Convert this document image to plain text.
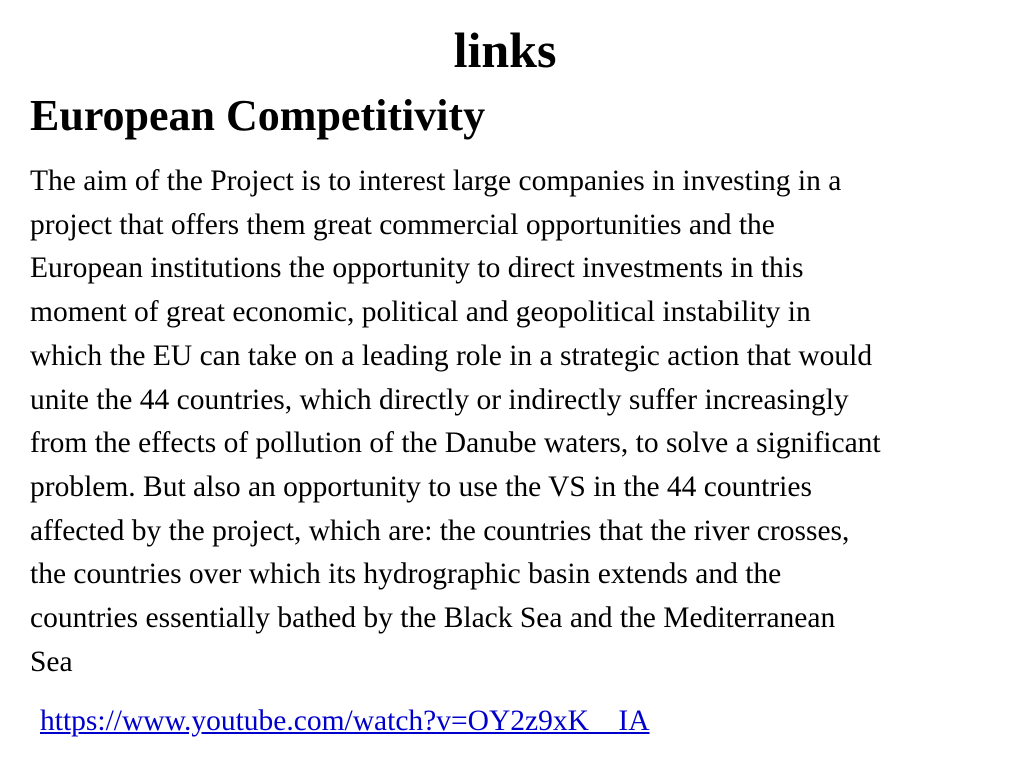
links
European Competitivity

The aim of the Project is to interest large companies in investing in a
project that offers them great commercial opportunities and the
European institutions the opportunity to direct investments in this
moment of great economic, political and geopolitical instability in
which the EU can take on a leading role in a strategic action that would
unite the 44 countries, which directly or indirectly suffer increasingly
from the effects of pollution of the Danube waters, to solve a significant
problem. But also an opportunity to use the VS in the 44 countries
affected by the project, which are: the countries that the river crosses,
the countries over which its hydrographic basin extends and the
countries essentially bathed by the Black Sea and the Mediterranean
Sea

https://www.youtube.com/watch?v=OY2z9xK__IA
